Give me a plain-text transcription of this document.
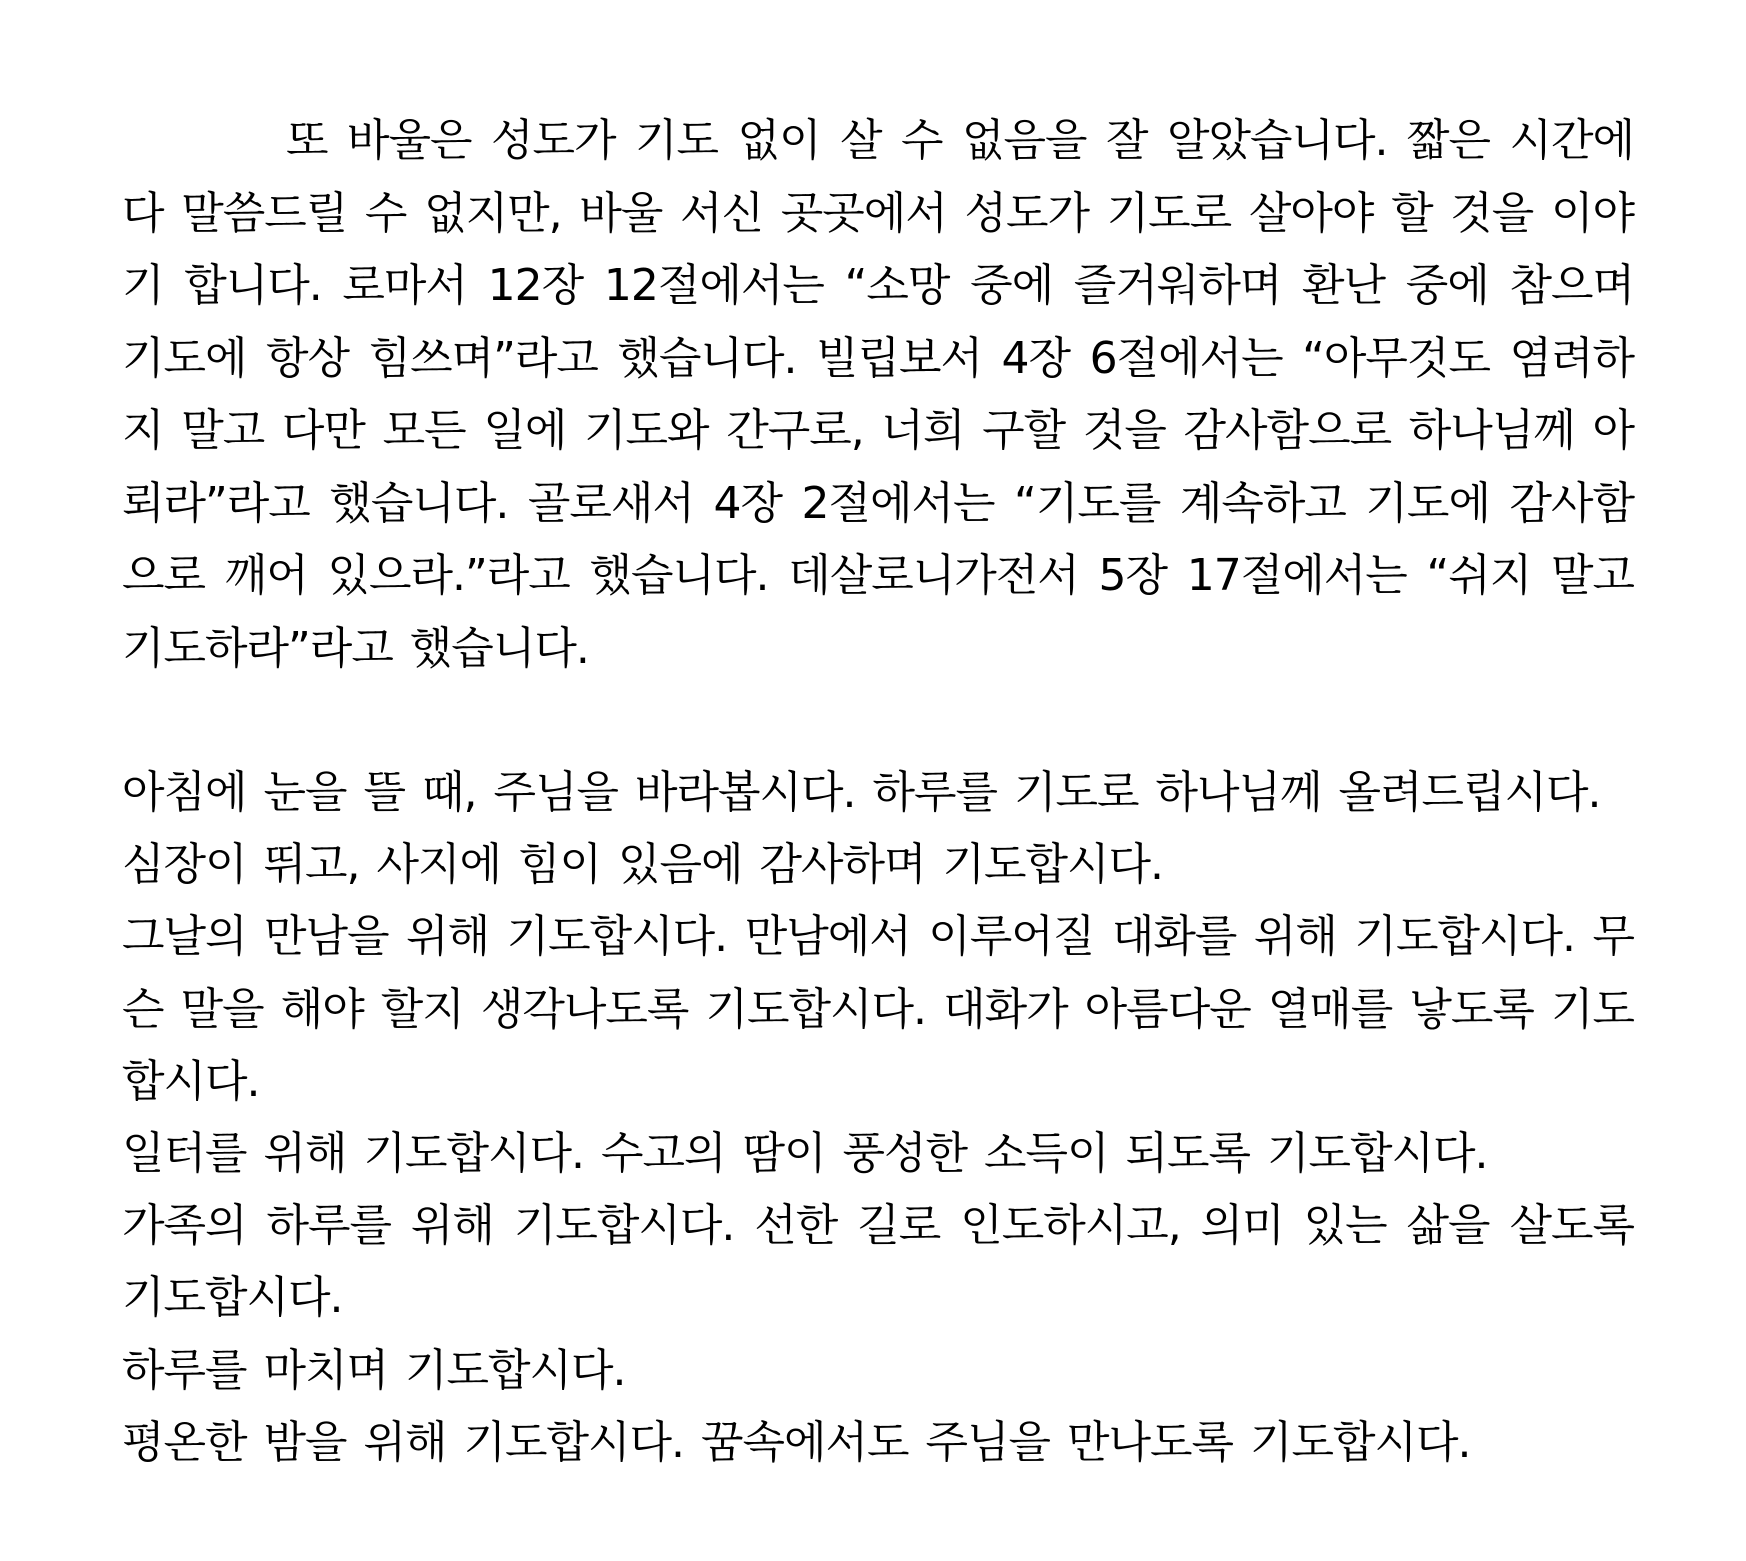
또 바울은 성도가 기도 없이 살 수 없음을 잘 알았습니다. 짧은 시간에 다 말씀드릴 수 없지만, 바울 서신 곳곳에서 성도가 기도로 살아야 할 것을 이야기 합니다. 로마서 12장 12절에서는 “소망 중에 즐거워하며 환난 중에 참으며 기도에 항상 힘쓰며”라고 했습니다. 빌립보서 4장 6절에서는 “아무것도 염려하지 말고 다만 모든 일에 기도와 간구로, 너희 구할 것을 감사함으로 하나님께 아뢰라”라고 했습니다. 골로새서 4장 2절에서는 “기도를 계속하고 기도에 감사함으로 깨어 있으라.”라고 했습니다. 데살로니가전서 5장 17절에서는 “쉬지 말고 기도하라”라고 했습니다.

아침에 눈을 뜰 때, 주님을 바라봅시다. 하루를 기도로 하나님께 올려드립시다.

심장이 뛰고, 사지에 힘이 있음에 감사하며 기도합시다.

그날의 만남을 위해 기도합시다. 만남에서 이루어질 대화를 위해 기도합시다. 무슨 말을 해야 할지 생각나도록 기도합시다. 대화가 아름다운 열매를 낳도록 기도합시다.

일터를 위해 기도합시다. 수고의 땀이 풍성한 소득이 되도록 기도합시다.

가족의 하루를 위해 기도합시다. 선한 길로 인도하시고, 의미 있는 삶을 살도록 기도합시다.

하루를 마치며 기도합시다.

평온한 밤을 위해 기도합시다. 꿈속에서도 주님을 만나도록 기도합시다.
